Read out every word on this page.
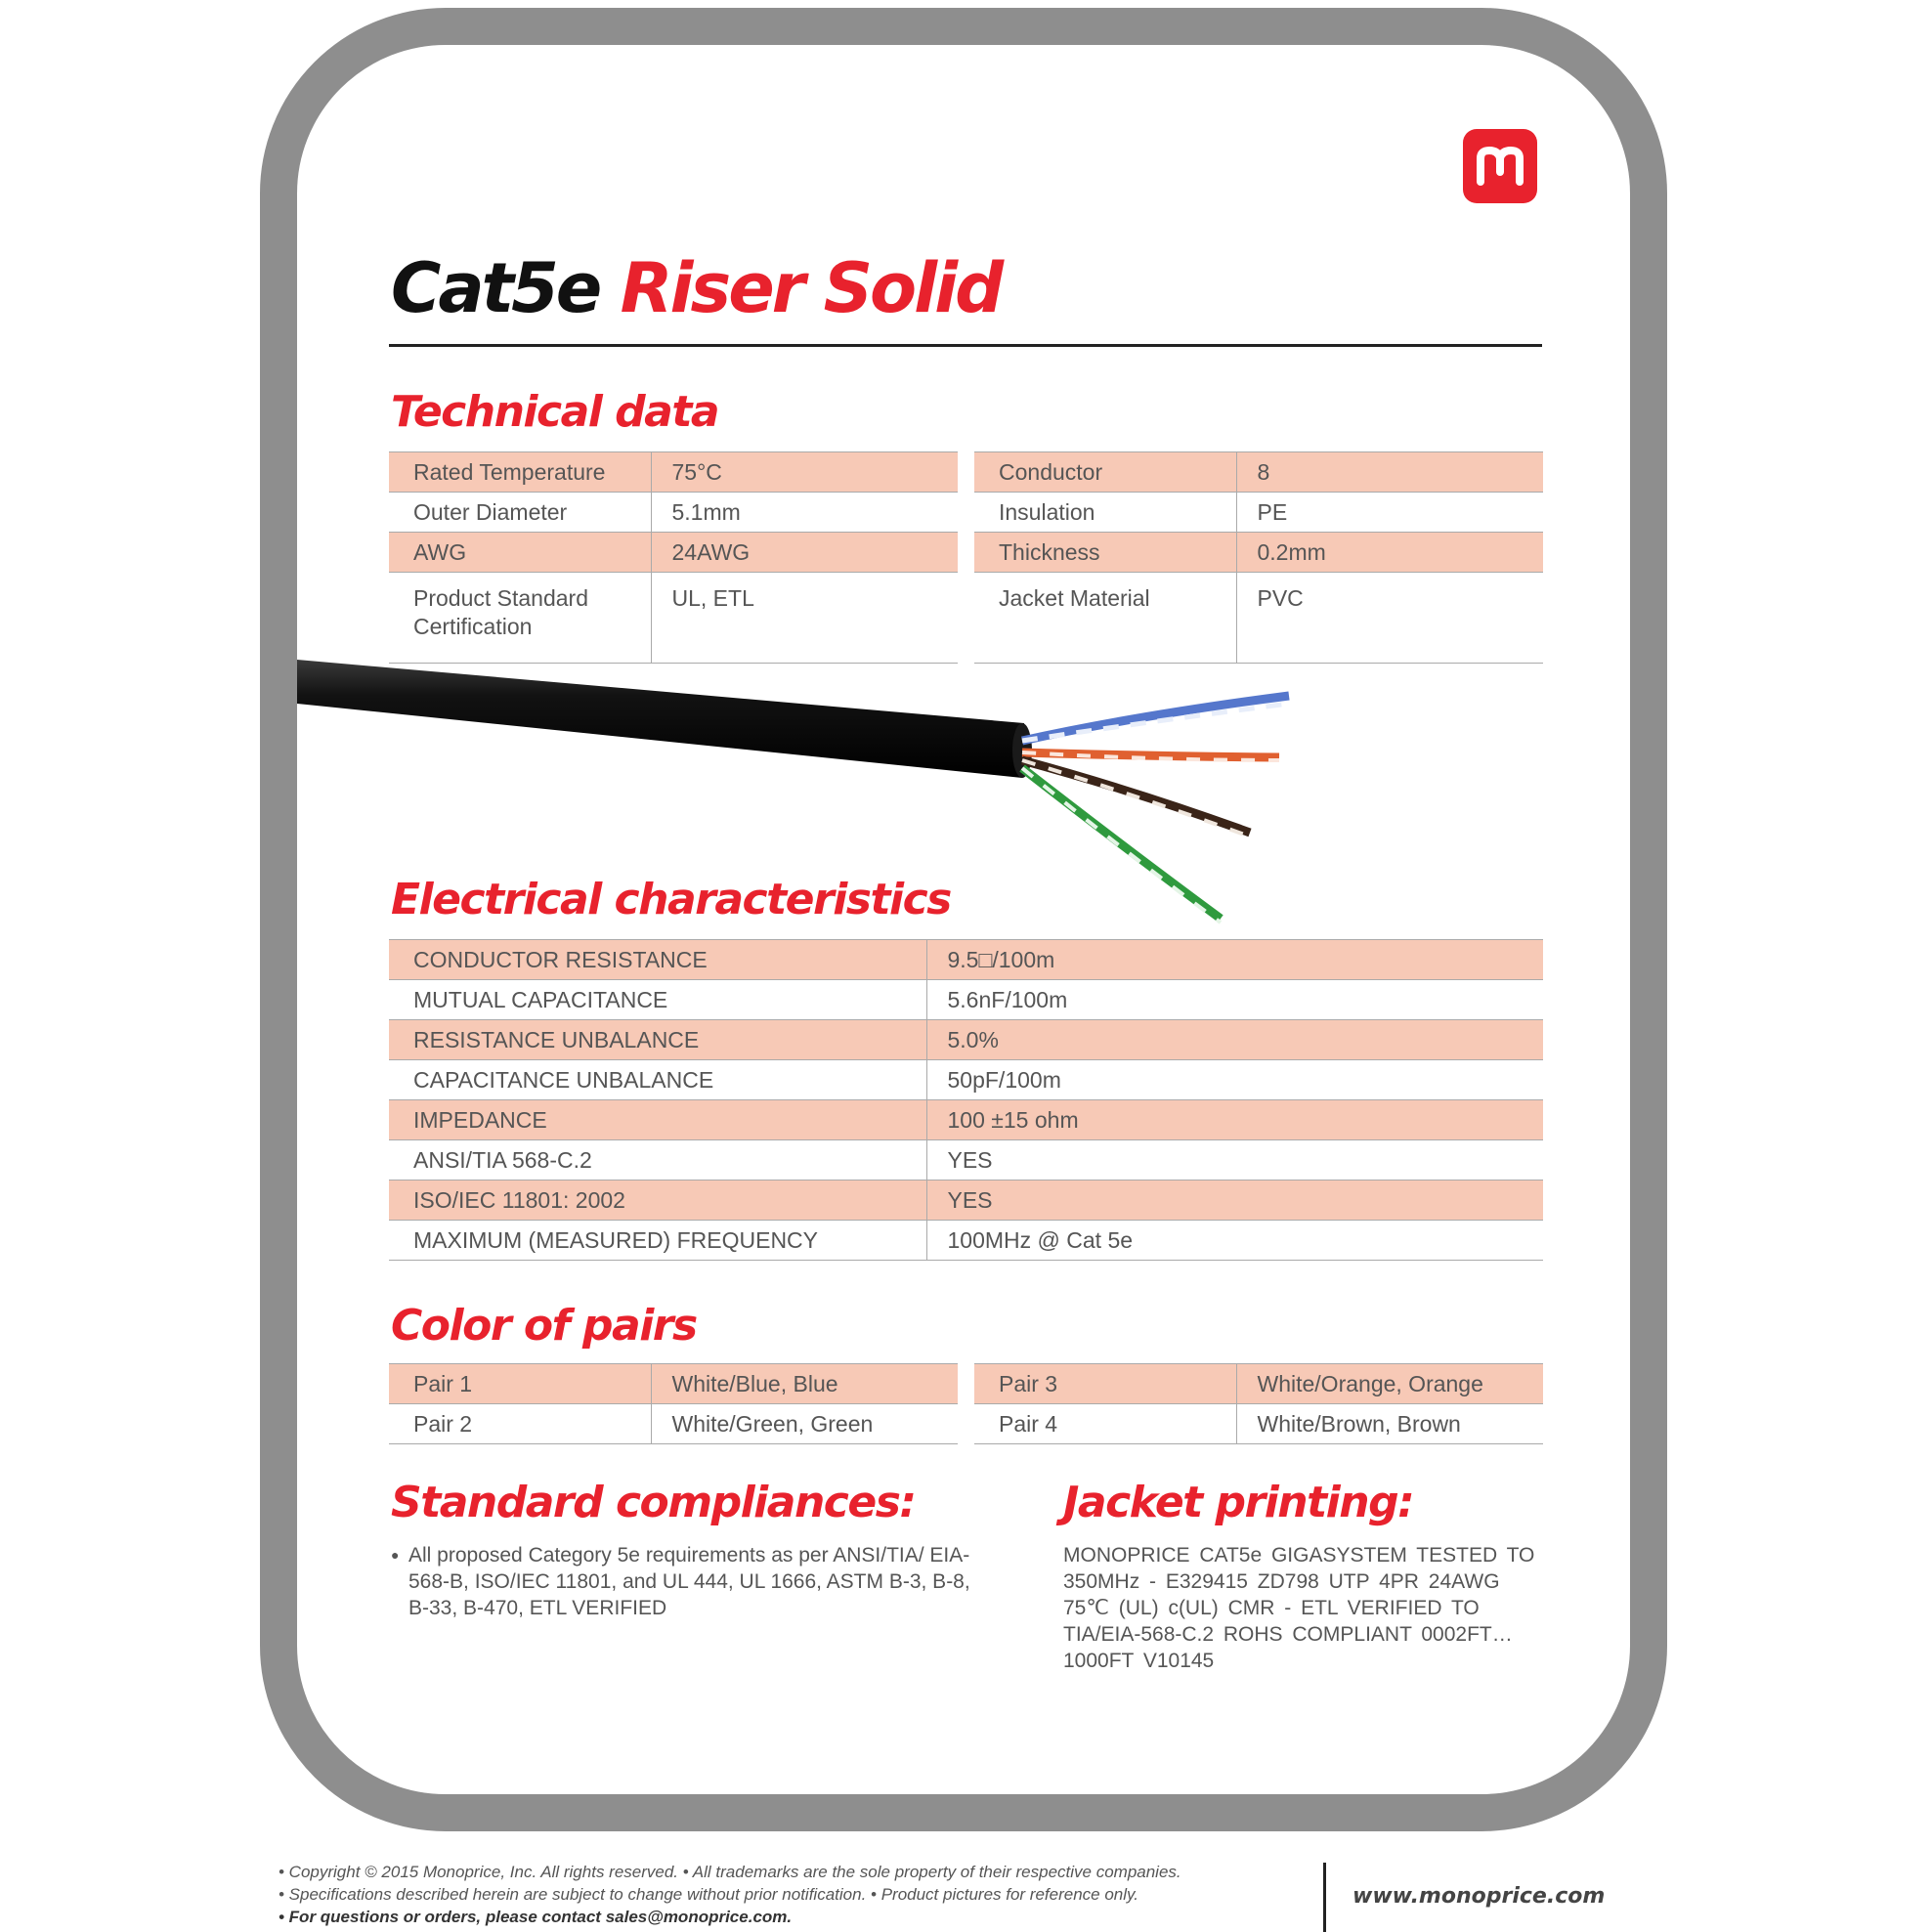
Cat5e Riser Solid
Technical data
Rated Temperature	75°C
Outer Diameter	5.1mm
AWG	24AWG
Product Standard Certification	UL, ETL
Conductor	8
Insulation	PE
Thickness	0.2mm
Jacket Material	PVC
Electrical characteristics
CONDUCTOR RESISTANCE	9.5□/100m
MUTUAL CAPACITANCE	5.6nF/100m
RESISTANCE UNBALANCE	5.0%
CAPACITANCE UNBALANCE	50pF/100m
IMPEDANCE	100 ±15 ohm
ANSI/TIA 568-C.2	YES
ISO/IEC 11801: 2002	YES
MAXIMUM (MEASURED) FREQUENCY	100MHz @ Cat 5e
Color of pairs
Pair 1	White/Blue, Blue
Pair 2	White/Green, Green
Pair 3	White/Orange, Orange
Pair 4	White/Brown, Brown
Standard compliances:	Jacket printing:
● All proposed Category 5e requirements as per ANSI/TIA/ EIA-568-B, ISO/IEC 11801, and UL 444, UL 1666, ASTM B-3, B-8, B-33, B-470, ETL VERIFIED

MONOPRICE CAT5e GIGASYSTEM TESTED TO 350MHz - E329415 ZD798 UTP 4PR 24AWG 75℃ (UL) c(UL) CMR - ETL VERIFIED TO TIA/EIA-568-C.2 ROHS COMPLIANT 0002FT… 1000FT V10145

• Copyright © 2015 Monoprice, Inc. All rights reserved. • All trademarks are the sole property of their respective companies.
• Specifications described herein are subject to change without prior notification. • Product pictures for reference only.
• For questions or orders, please contact sales@monoprice.com.
www.monoprice.com
